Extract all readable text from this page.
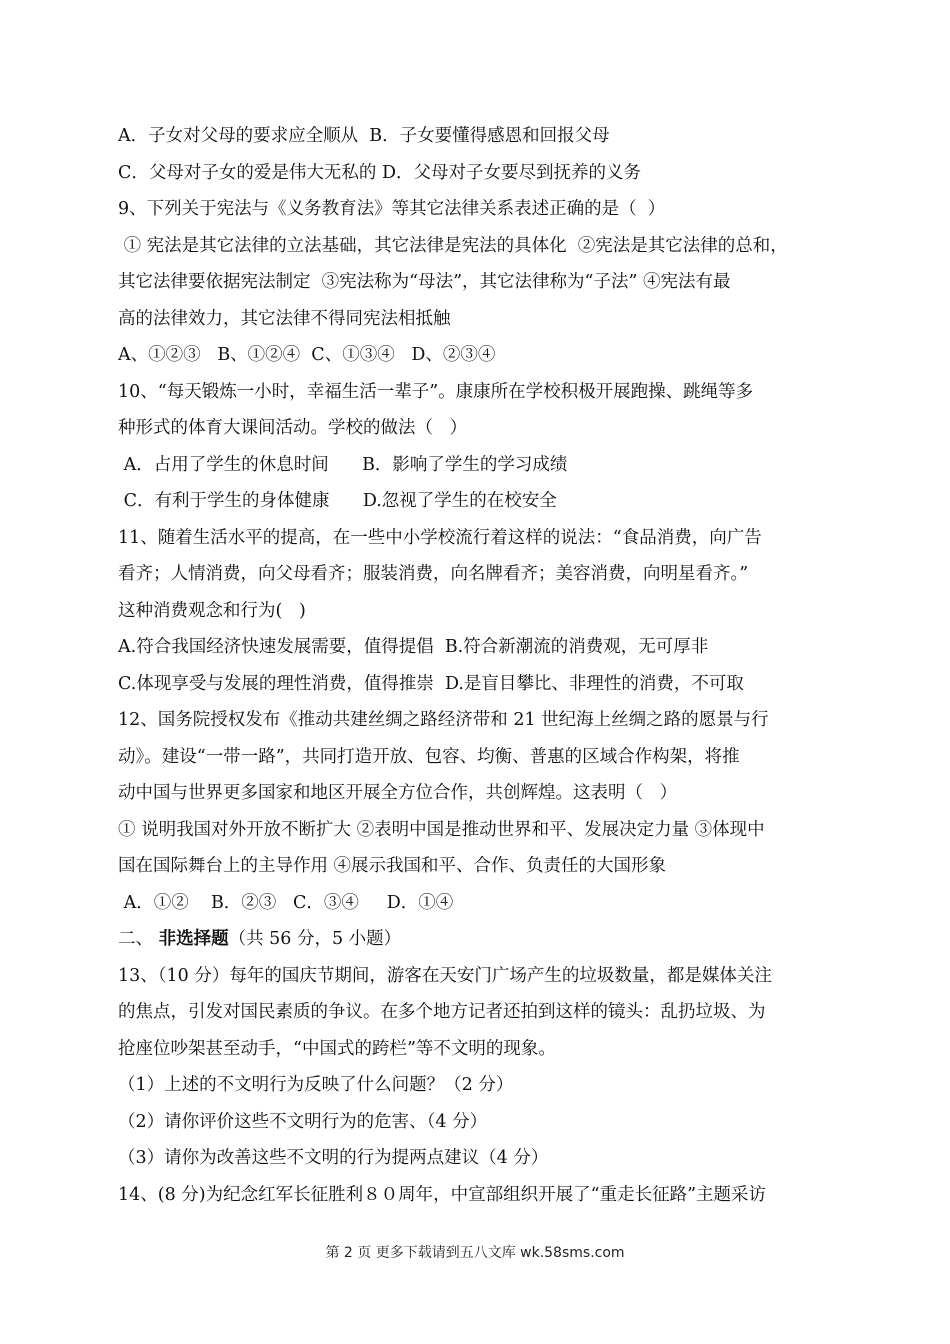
A．子女对父母的要求应全顺从  B．子女要懂得感恩和回报父母
C．父母对子女的爱是伟大无私的 D．父母对子女要尽到抚养的义务
9、下列关于宪法与《义务教育法》等其它法律关系表述正确的是（  ）
① 宪法是其它法律的立法基础，其它法律是宪法的具体化  ②宪法是其它法律的总和，
其它法律要依据宪法制定  ③宪法称为“母法”，其它法律称为“子法” ④宪法有最
高的法律效力，其它法律不得同宪法相抵触
A、①②③   B、①②④  C、①③④   D、②③④
10、“每天锻炼一小时，幸福生活一辈子”。康康所在学校积极开展跑操、跳绳等多
种形式的体育大课间活动。学校的做法（   ）
A．占用了学生的休息时间      B．影响了学生的学习成绩
C．有利于学生的身体健康      D.忽视了学生的在校安全
11、随着生活水平的提高，在一些中小学校流行着这样的说法：“食品消费，向广告
看齐；人情消费，向父母看齐；服装消费，向名牌看齐；美容消费，向明星看齐。”
这种消费观念和行为(   )
A.符合我国经济快速发展需要，值得提倡  B.符合新潮流的消费观，无可厚非
C.体现享受与发展的理性消费，值得推崇  D.是盲目攀比、非理性的消费，不可取
12、国务院授权发布《推动共建丝绸之路经济带和 21 世纪海上丝绸之路的愿景与行
动》。建设“一带一路”，共同打造开放、包容、均衡、普惠的区域合作构架，将推
动中国与世界更多国家和地区开展全方位合作，共创辉煌。这表明（   ）
① 说明我国对外开放不断扩大 ②表明中国是推动世界和平、发展决定力量 ③体现中
国在国际舞台上的主导作用 ④展示我国和平、合作、负责任的大国形象
A．①②    B．②③   C．③④     D．①④
二、 非选择题（共 56 分，5 小题）
13、（10 分）每年的国庆节期间，游客在天安门广场产生的垃圾数量，都是媒体关注
的焦点，引发对国民素质的争议。在多个地方记者还拍到这样的镜头：乱扔垃圾、为
抢座位吵架甚至动手，“中国式的跨栏”等不文明的现象。
（1）上述的不文明行为反映了什么问题？（2 分）
（2）请你评价这些不文明行为的危害、（4 分）
（3）请你为改善这些不文明的行为提两点建议（4 分）
14、(8 分)为纪念红军长征胜利８０周年，中宣部组织开展了“重走长征路”主题采访
第 2 页 更多下载请到五八文库 wk.58sms.com
